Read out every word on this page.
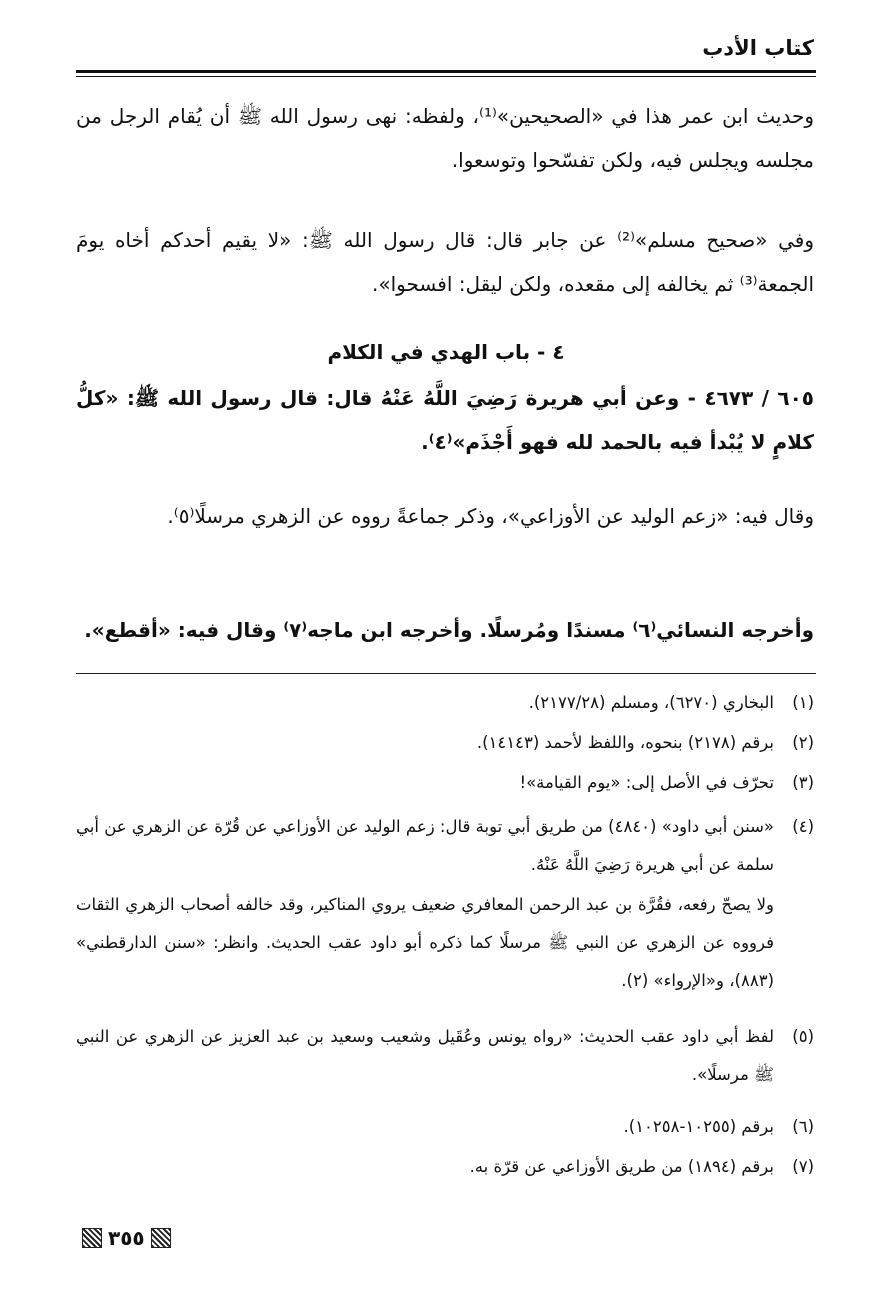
كتاب الأدب
وحديث ابن عمر هذا في «الصحيحين»⁽¹⁾، ولفظه: نهى رسول الله ﷺ أن يُقام الرجل من مجلسه ويجلس فيه، ولكن تفسّحوا وتوسعوا.
وفي «صحيح مسلم»⁽²⁾ عن جابر قال: قال رسول الله ﷺ: «لا يقيم أحدكم أخاه يومَ الجمعة⁽³⁾ ثم يخالفه إلى مقعده، ولكن ليقل: افسحوا».
٤ - باب الهدي في الكلام
٦٠٥ / ٤٦٧٣ - وعن أبي هريرة رَضِيَ اللَّهُ عَنْهُ قال: قال رسول الله ﷺ: «كلُّ كلامٍ لا يُبْدأ فيه بالحمد لله فهو أَجْذَم»⁽٤⁾.
وقال فيه: «زعم الوليد عن الأوزاعي»، وذكر جماعةً رووه عن الزهري مرسلًا⁽٥⁾.
وأخرجه النسائي⁽٦⁾ مسندًا ومُرسلًا. وأخرجه ابن ماجه⁽٧⁾ وقال فيه: «أقطع».
(١)
البخاري (٦٢٧٠)، ومسلم (٢١٧٧/٢٨).
(٢)
برقم (٢١٧٨) بنحوه، واللفظ لأحمد (١٤١٤٣).
(٣)
تحرّف في الأصل إلى: «يوم القيامة»!
(٤)
«سنن أبي داود» (٤٨٤٠) من طريق أبي توبة قال: زعم الوليد عن الأوزاعي عن قُرّة عن الزهري عن أبي سلمة عن أبي هريرة رَضِيَ اللَّهُ عَنْهُ.
ولا يصحّ رفعه، فقُرَّة بن عبد الرحمن المعافري ضعيف يروي المناكير، وقد خالفه أصحاب الزهري الثقات فرووه عن الزهري عن النبي ﷺ مرسلًا كما ذكره أبو داود عقب الحديث. وانظر: «سنن الدارقطني» (٨٨٣)، و«الإرواء» (٢).
(٥)
لفظ أبي داود عقب الحديث: «رواه يونس وعُقَيل وشعيب وسعيد بن عبد العزيز عن الزهري عن النبي ﷺ مرسلًا».
(٦)
برقم (١٠٢٥٥-١٠٢٥٨).
(٧)
برقم (١٨٩٤) من طريق الأوزاعي عن قرّة به.
٣٥٥
